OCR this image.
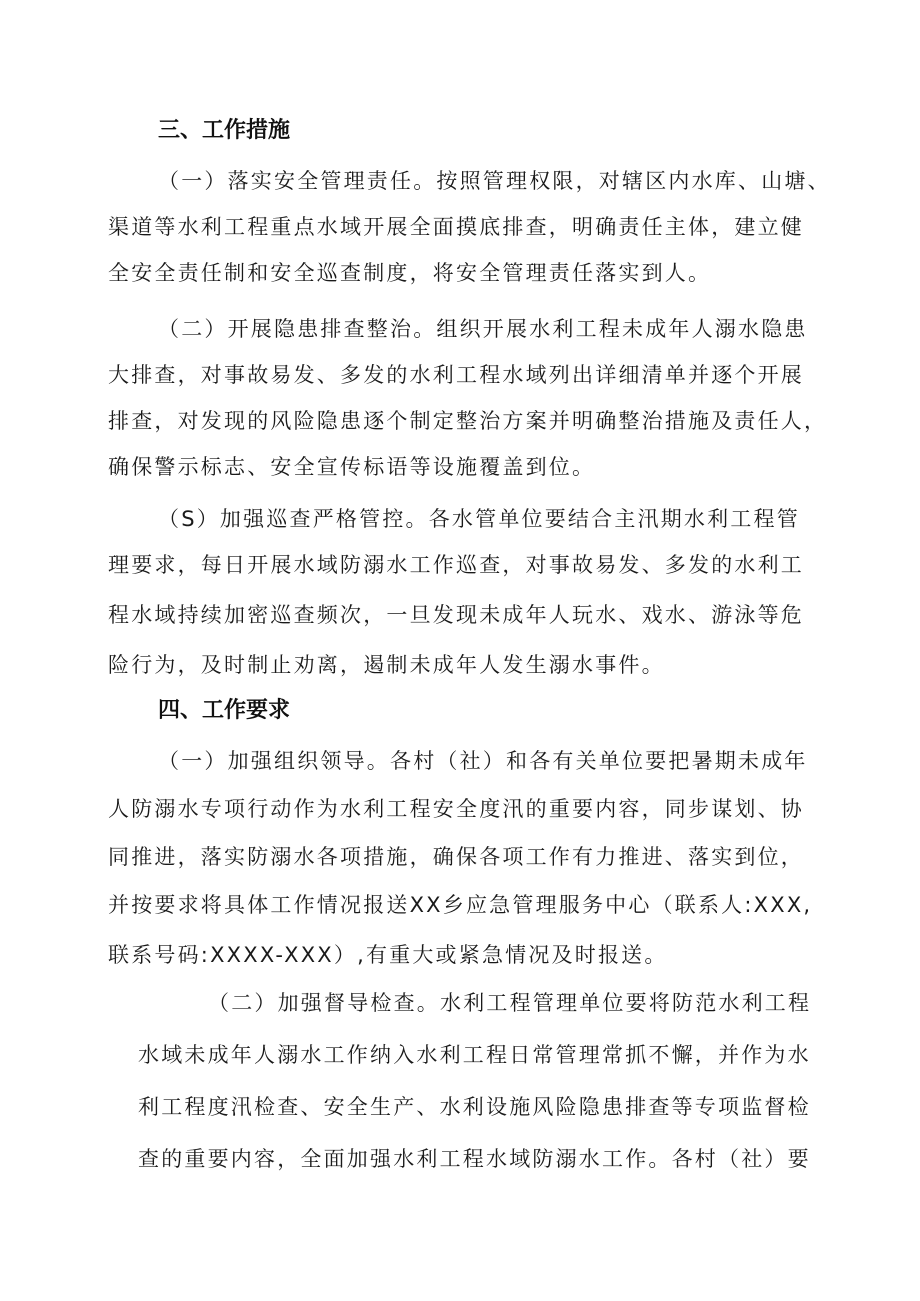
三、工作措施
（一）落实安全管理责任。按照管理权限，对辖区内水库、山塘、
渠道等水利工程重点水域开展全面摸底排查，明确责任主体，建立健
全安全责任制和安全巡查制度，将安全管理责任落实到人。
（二）开展隐患排查整治。组织开展水利工程未成年人溺水隐患
大排查，对事故易发、多发的水利工程水域列出详细清单并逐个开展
排查，对发现的风险隐患逐个制定整治方案并明确整治措施及责任人，
确保警示标志、安全宣传标语等设施覆盖到位。
（S）加强巡查严格管控。各水管单位要结合主汛期水利工程管
理要求，每日开展水域防溺水工作巡查，对事故易发、多发的水利工
程水域持续加密巡查频次，一旦发现未成年人玩水、戏水、游泳等危
险行为，及时制止劝离，遏制未成年人发生溺水事件。
四、工作要求
（一）加强组织领导。各村（社）和各有关单位要把暑期未成年
人防溺水专项行动作为水利工程安全度汛的重要内容，同步谋划、协
同推进，落实防溺水各项措施，确保各项工作有力推进、落实到位，
并按要求将具体工作情况报送XX乡应急管理服务中心（联系人:XXX,
联系号码:XXXX-XXX）,有重大或紧急情况及时报送。
（二）加强督导检查。水利工程管理单位要将防范水利工程
水域未成年人溺水工作纳入水利工程日常管理常抓不懈，并作为水
利工程度汛检查、安全生产、水利设施风险隐患排查等专项监督检
查的重要内容，全面加强水利工程水域防溺水工作。各村（社）要
